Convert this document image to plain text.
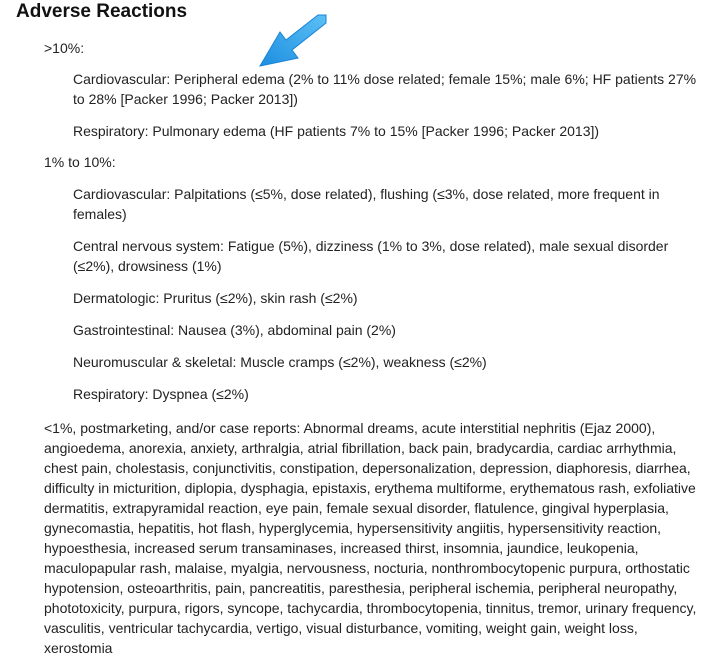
Adverse Reactions
>10%:
Cardiovascular: Peripheral edema (2% to 11% dose related; female 15%; male 6%; HF patients 27% to 28% [Packer 1996; Packer 2013])
Respiratory: Pulmonary edema (HF patients 7% to 15% [Packer 1996; Packer 2013])
1% to 10%:
Cardiovascular: Palpitations (≤5%, dose related), flushing (≤3%, dose related, more frequent in females)
Central nervous system: Fatigue (5%), dizziness (1% to 3%, dose related), male sexual disorder (≤2%), drowsiness (1%)
Dermatologic: Pruritus (≤2%), skin rash (≤2%)
Gastrointestinal: Nausea (3%), abdominal pain (2%)
Neuromuscular & skeletal: Muscle cramps (≤2%), weakness (≤2%)
Respiratory: Dyspnea (≤2%)
<1%, postmarketing, and/or case reports: Abnormal dreams, acute interstitial nephritis (Ejaz 2000), angioedema, anorexia, anxiety, arthralgia, atrial fibrillation, back pain, bradycardia, cardiac arrhythmia, chest pain, cholestasis, conjunctivitis, constipation, depersonalization, depression, diaphoresis, diarrhea, difficulty in micturition, diplopia, dysphagia, epistaxis, erythema multiforme, erythematous rash, exfoliative dermatitis, extrapyramidal reaction, eye pain, female sexual disorder, flatulence, gingival hyperplasia, gynecomastia, hepatitis, hot flash, hyperglycemia, hypersensitivity angiitis, hypersensitivity reaction, hypoesthesia, increased serum transaminases, increased thirst, insomnia, jaundice, leukopenia, maculopapular rash, malaise, myalgia, nervousness, nocturia, nonthrombocytopenic purpura, orthostatic hypotension, osteoarthritis, pain, pancreatitis, paresthesia, peripheral ischemia, peripheral neuropathy, phototoxicity, purpura, rigors, syncope, tachycardia, thrombocytopenia, tinnitus, tremor, urinary frequency, vasculitis, ventricular tachycardia, vertigo, visual disturbance, vomiting, weight gain, weight loss, xerostomia
